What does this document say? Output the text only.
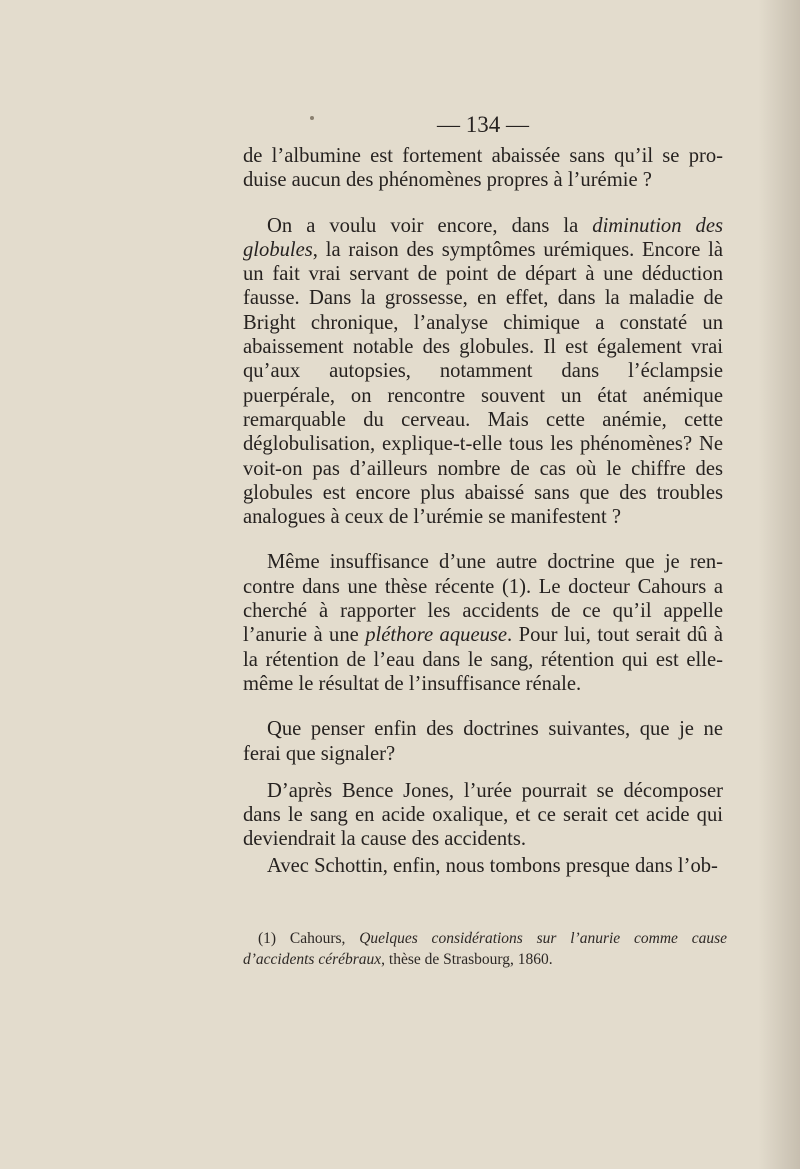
— 134 —

de l’albumine est fortement abaissée sans qu’il se produise aucun des phénomènes propres à l’urémie ?

On a voulu voir encore, dans la diminution des globules, la raison des symptômes urémiques. Encore là un fait vrai servant de point de départ à une déduction fausse. Dans la grossesse, en effet, dans la maladie de Bright chronique, l’analyse chimique a constaté un abaissement notable des globules. Il est également vrai qu’aux autopsies, notamment dans l’éclampsie puerpérale, on rencontre souvent un état anémique remarquable du cerveau. Mais cette anémie, cette déglobulisation, explique-t-elle tous les phénomènes? Ne voit-on pas d’ailleurs nombre de cas où le chiffre des globules est encore plus abaissé sans que des troubles analogues à ceux de l’urémie se manifestent ?

Même insuffisance d’une autre doctrine que je rencontre dans une thèse récente (1). Le docteur Cahours a cherché à rapporter les accidents de ce qu’il appelle l’anurie à une pléthore aqueuse. Pour lui, tout serait dû à la rétention de l’eau dans le sang, rétention qui est elle-même le résultat de l’insuffisance rénale.

Que penser enfin des doctrines suivantes, que je ne ferai que signaler?

D’après Bence Jones, l’urée pourrait se décomposer dans le sang en acide oxalique, et ce serait cet acide qui deviendrait la cause des accidents.

Avec Schottin, enfin, nous tombons presque dans l’ob-

(1) Cahours, Quelques considérations sur l’anurie comme cause d’accidents cérébraux, thèse de Strasbourg, 1860.
